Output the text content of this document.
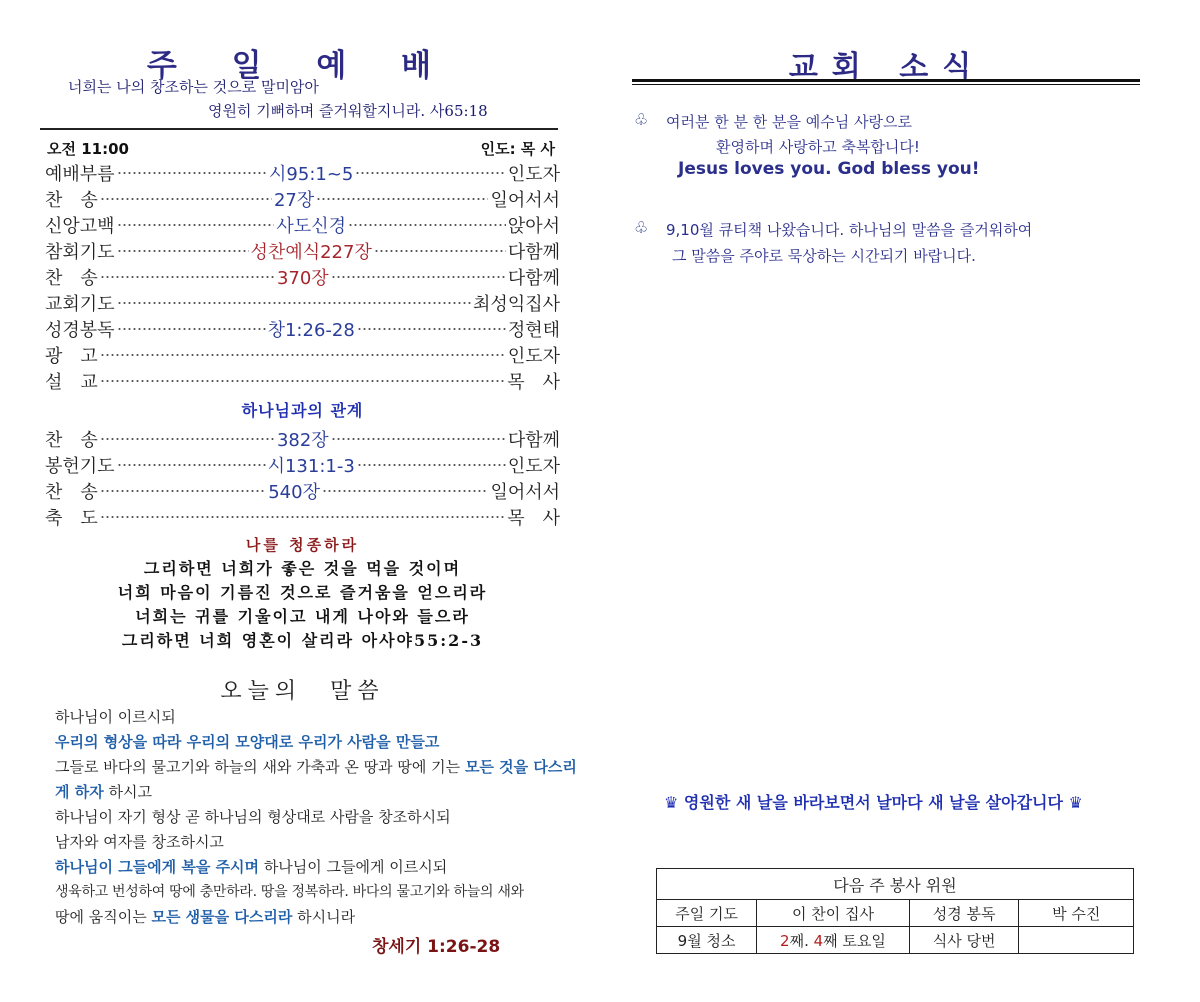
주 일 예 배
너희는 나의 창조하는 것으로 말미암아
영원히 기뻐하며 즐거워할지니라. 사65:18
오전 11:00	인도: 목 사
예배부름	시95:1~5	인도자
찬　송	27장	일어서서
신앙고백	사도신경	앉아서
참회기도	성찬예식227장	다함께
찬　송	370장	다함께
교회기도	최성익집사
성경봉독	창1:26-28	정현태
광　고	인도자
설　교	목　사
하나님과의 관계
찬　송	382장	다함께
봉헌기도	시131:1-3	인도자
찬　송	540장	일어서서
축　도	목　사
나를 청종하라
그리하면 너희가 좋은 것을 먹을 것이며
너희 마음이 기름진 것으로 즐거움을 얻으리라
너희는 귀를 기울이고 내게 나아와 들으라
그리하면 너희 영혼이 살리라 아사야55:2-3
오늘의　말씀
하나님이 이르시되
우리의 형상을 따라 우리의 모양대로 우리가 사람을 만들고
그들로 바다의 물고기와 하늘의 새와 가축과 온 땅과 땅에 기는 모든 것을 다스리
게 하자 하시고
하나님이 자기 형상 곧 하나님의 형상대로 사람을 창조하시되
남자와 여자를 창조하시고
하나님이 그들에게 복을 주시며 하나님이 그들에게 이르시되
생육하고 번성하여 땅에 충만하라. 땅을 정복하라. 바다의 물고기와 하늘의 새와
땅에 움직이는 모든 생물을 다스리라 하시니라
창세기 1:26-28
교회 소식
♧ 여러분 한 분 한 분을 예수님 사랑으로
환영하며 사랑하고 축복합니다!
Jesus loves you. God bless you!
♧ 9,10월 큐티책 나왔습니다. 하나님의 말씀을 즐거워하여
그 말씀을 주야로 묵상하는 시간되기 바랍니다.
♛ 영원한 새 날을 바라보면서 날마다 새 날을 살아갑니다 ♛
다음 주 봉사 위원			
주일 기도	이 찬이 집사	성경 봉독	박 수진
9월 청소	2째. 4째 토요일	식사 당번	
